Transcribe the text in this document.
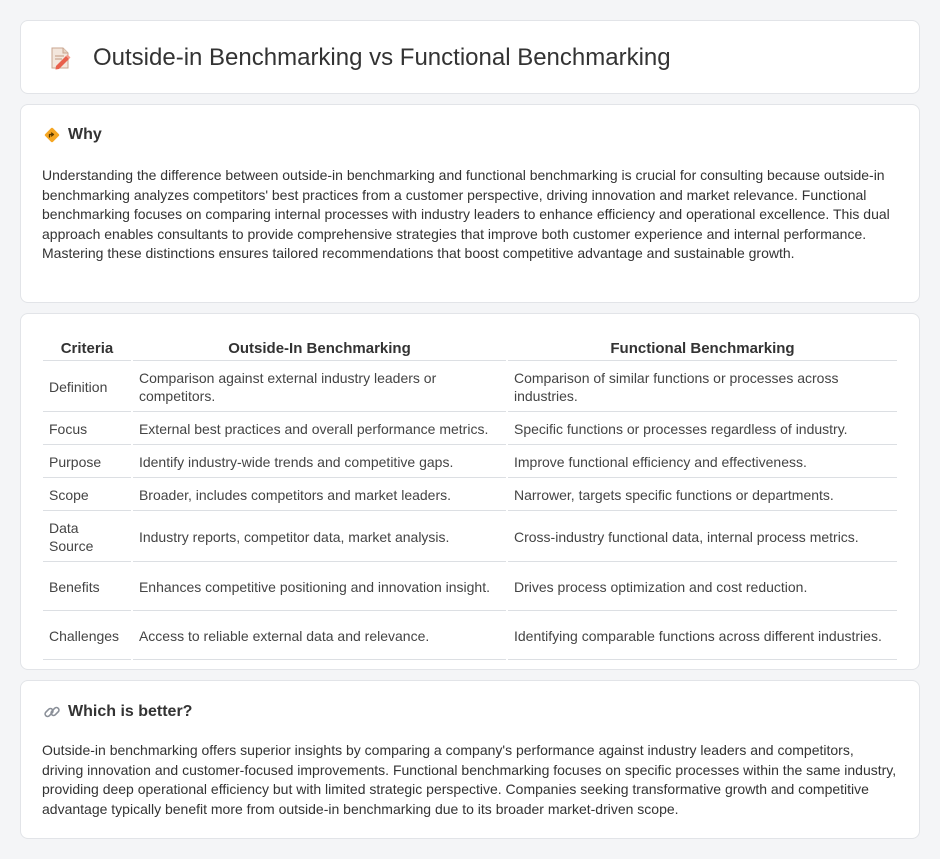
Outside-in Benchmarking vs Functional Benchmarking
Why

Understanding the difference between outside-in benchmarking and functional benchmarking is crucial for consulting because outside-in benchmarking analyzes competitors' best practices from a customer perspective, driving innovation and market relevance. Functional benchmarking focuses on comparing internal processes with industry leaders to enhance efficiency and operational excellence. This dual approach enables consultants to provide comprehensive strategies that improve both customer experience and internal performance. Mastering these distinctions ensures tailored recommendations that boost competitive advantage and sustainable growth.

Criteria	Outside-In Benchmarking	Functional Benchmarking
Definition	Comparison against external industry leaders or competitors.	Comparison of similar functions or processes across industries.
Focus	External best practices and overall performance metrics.	Specific functions or processes regardless of industry.
Purpose	Identify industry-wide trends and competitive gaps.	Improve functional efficiency and effectiveness.
Scope	Broader, includes competitors and market leaders.	Narrower, targets specific functions or departments.
Data Source	Industry reports, competitor data, market analysis.	Cross-industry functional data, internal process metrics.
Benefits	Enhances competitive positioning and innovation insight.	Drives process optimization and cost reduction.
Challenges	Access to reliable external data and relevance.	Identifying comparable functions across different industries.
Which is better?

Outside-in benchmarking offers superior insights by comparing a company's performance against industry leaders and competitors, driving innovation and customer-focused improvements. Functional benchmarking focuses on specific processes within the same industry, providing deep operational efficiency but with limited strategic perspective. Companies seeking transformative growth and competitive advantage typically benefit more from outside-in benchmarking due to its broader market-driven scope.
